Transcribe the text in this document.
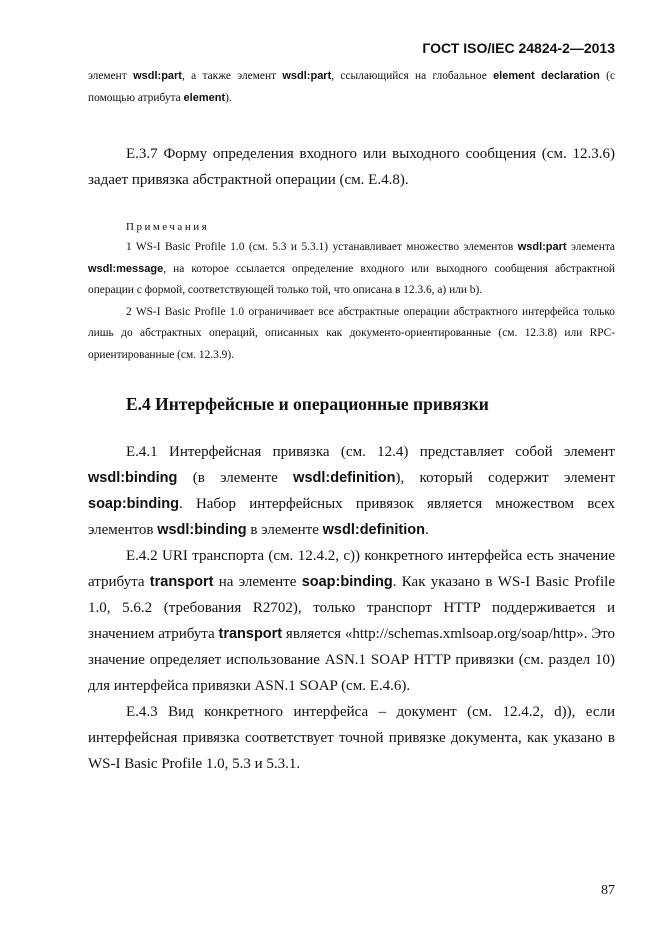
ГОСТ ISO/IEC 24824-2—2013

элемент wsdl:part, а также элемент wsdl:part, ссылающийся на глобальное element declaration (с помощью атрибута element).

Е.3.7 Форму определения входного или выходного сообщения (см. 12.3.6) задает привязка абстрактной операции (см. Е.4.8).

Примечания

1 WS-I Basic Profile 1.0 (см. 5.3 и 5.3.1) устанавливает множество элементов wsdl:part элемента wsdl:message, на которое ссылается определение входного или выходного сообщения абстрактной операции с формой, соответствующей только той, что описана в 12.3.6, a) или b).

2 WS-I Basic Profile 1.0 ограничивает все абстрактные операции абстрактного интерфейса только лишь до абстрактных операций, описанных как документо-ориентированные (см. 12.3.8) или RPC-ориентированные (см. 12.3.9).

Е.4 Интерфейсные и операционные привязки

Е.4.1 Интерфейсная привязка (см. 12.4) представляет собой элемент wsdl:binding (в элементе wsdl:definition), который содержит элемент soap:binding. Набор интерфейсных привязок является множеством всех элементов wsdl:binding в элементе wsdl:definition.

Е.4.2 URI транспорта (см. 12.4.2, с)) конкретного интерфейса есть значение атрибута transport на элементе soap:binding. Как указано в WS-I Basic Profile 1.0, 5.6.2 (требования R2702), только транспорт HTTP поддерживается и значением атрибута transport является «http://schemas.xmlsoap.org/soap/http». Это значение определяет использование ASN.1 SOAP HTTP привязки (см. раздел 10) для интерфейса привязки ASN.1 SOAP (см. Е.4.6).

Е.4.3 Вид конкретного интерфейса – документ (см. 12.4.2, d)), если интерфейсная привязка соответствует точной привязке документа, как указано в WS-I Basic Profile 1.0, 5.3 и 5.3.1.

87
